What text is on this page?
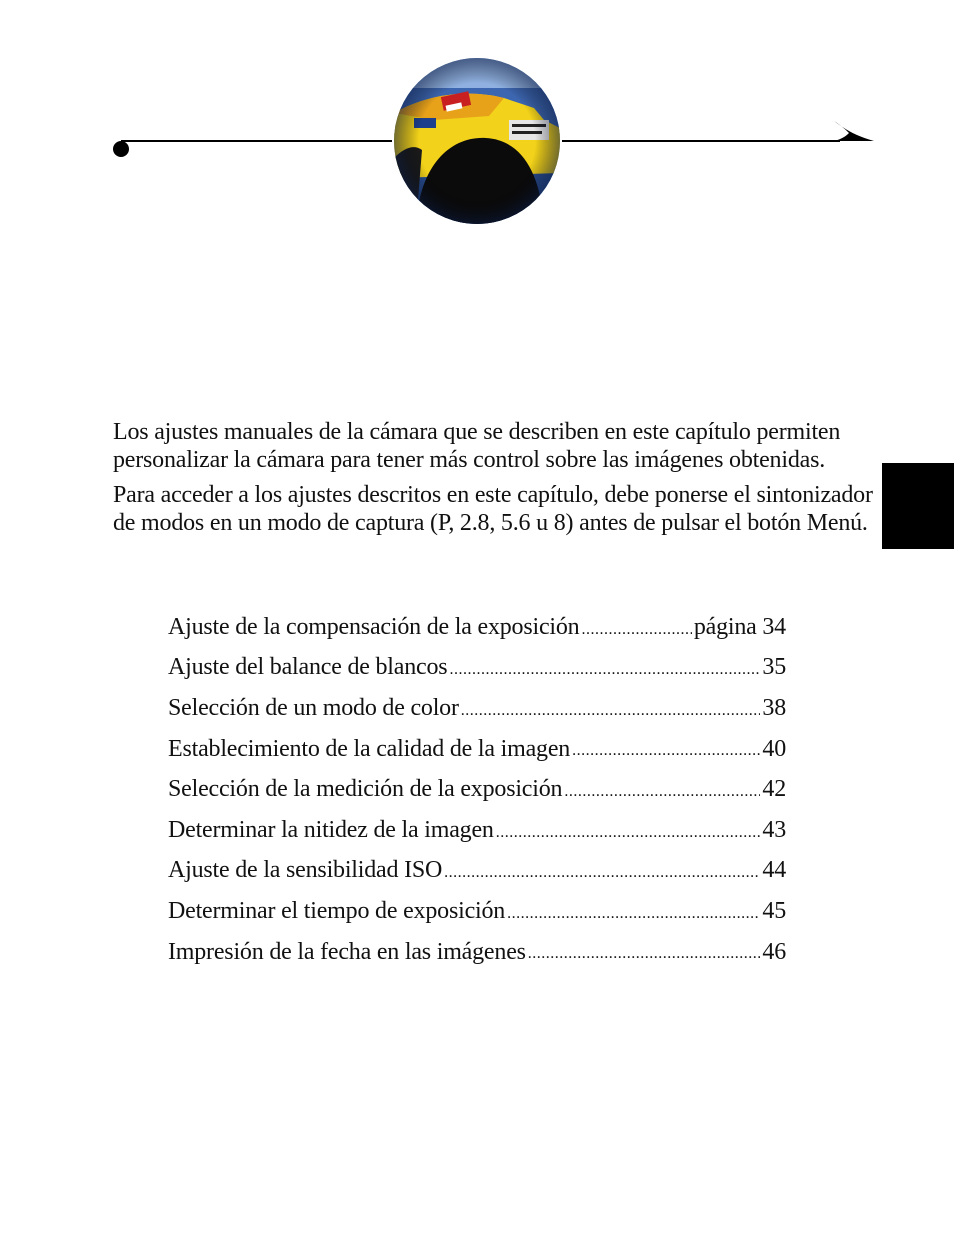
Los ajustes manuales de la cámara que se describen en este capítulo permiten personalizar la cámara para tener más control sobre las imágenes obtenidas.

Para acceder a los ajustes descritos en este capítulo, debe ponerse el sintonizador de modos en un modo de captura (P, 2.8, 5.6 u 8) antes de pulsar el botón Menú.

Ajuste de la compensación de la exposición .....	página 34
Ajuste del balance de blancos .....	35
Selección de un modo de color .....	38
Establecimiento de la calidad de la imagen .....	40
Selección de la medición de la exposición .....	42
Determinar la nitidez de la imagen .....	43
Ajuste de la sensibilidad ISO .....	44
Determinar el tiempo de exposición .....	45
Impresión de la fecha en las imágenes .....	46
